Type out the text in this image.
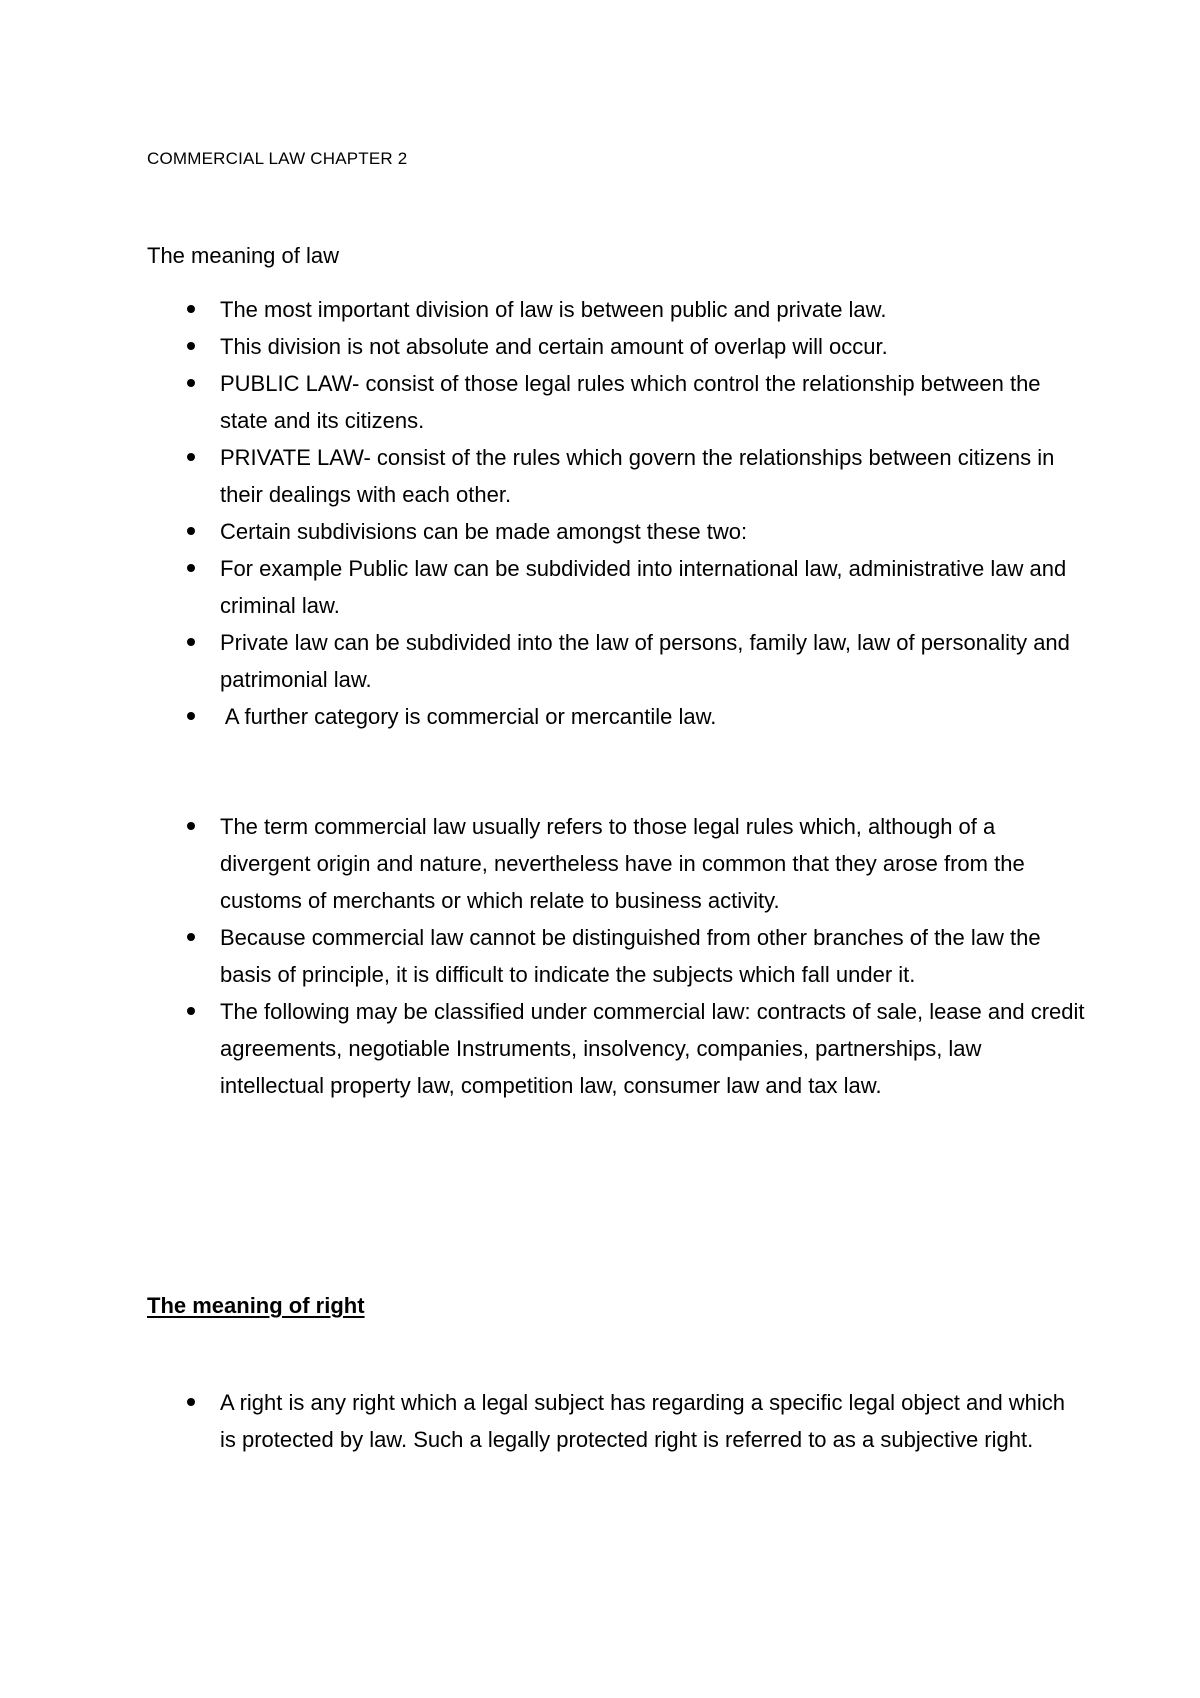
COMMERCIAL LAW CHAPTER 2
The meaning of law
The most important division of law is between public and private law.
This division is not absolute and certain amount of overlap will occur.
PUBLIC LAW- consist of those legal rules which control the relationship between the state and its citizens.
PRIVATE LAW- consist of the rules which govern the relationships between citizens in their dealings with each other.
Certain subdivisions can be made amongst these two:
For example Public law can be subdivided into international law, administrative law and criminal law.
Private law can be subdivided into the law of persons, family law, law of personality and patrimonial law.
A further category is commercial or mercantile law.
The term commercial law usually refers to those legal rules which, although of a divergent origin and nature, nevertheless have in common that they arose from the customs of merchants or which relate to business activity.
Because commercial law cannot be distinguished from other branches of the law the basis of principle, it is difficult to indicate the subjects which fall under it.
The following may be classified under commercial law: contracts of sale, lease and credit agreements, negotiable Instruments, insolvency, companies, partnerships, law intellectual property law, competition law, consumer law and tax law.
The meaning of right
A right is any right which a legal subject has regarding a specific legal object and which is protected by law. Such a legally protected right is referred to as a subjective right.
